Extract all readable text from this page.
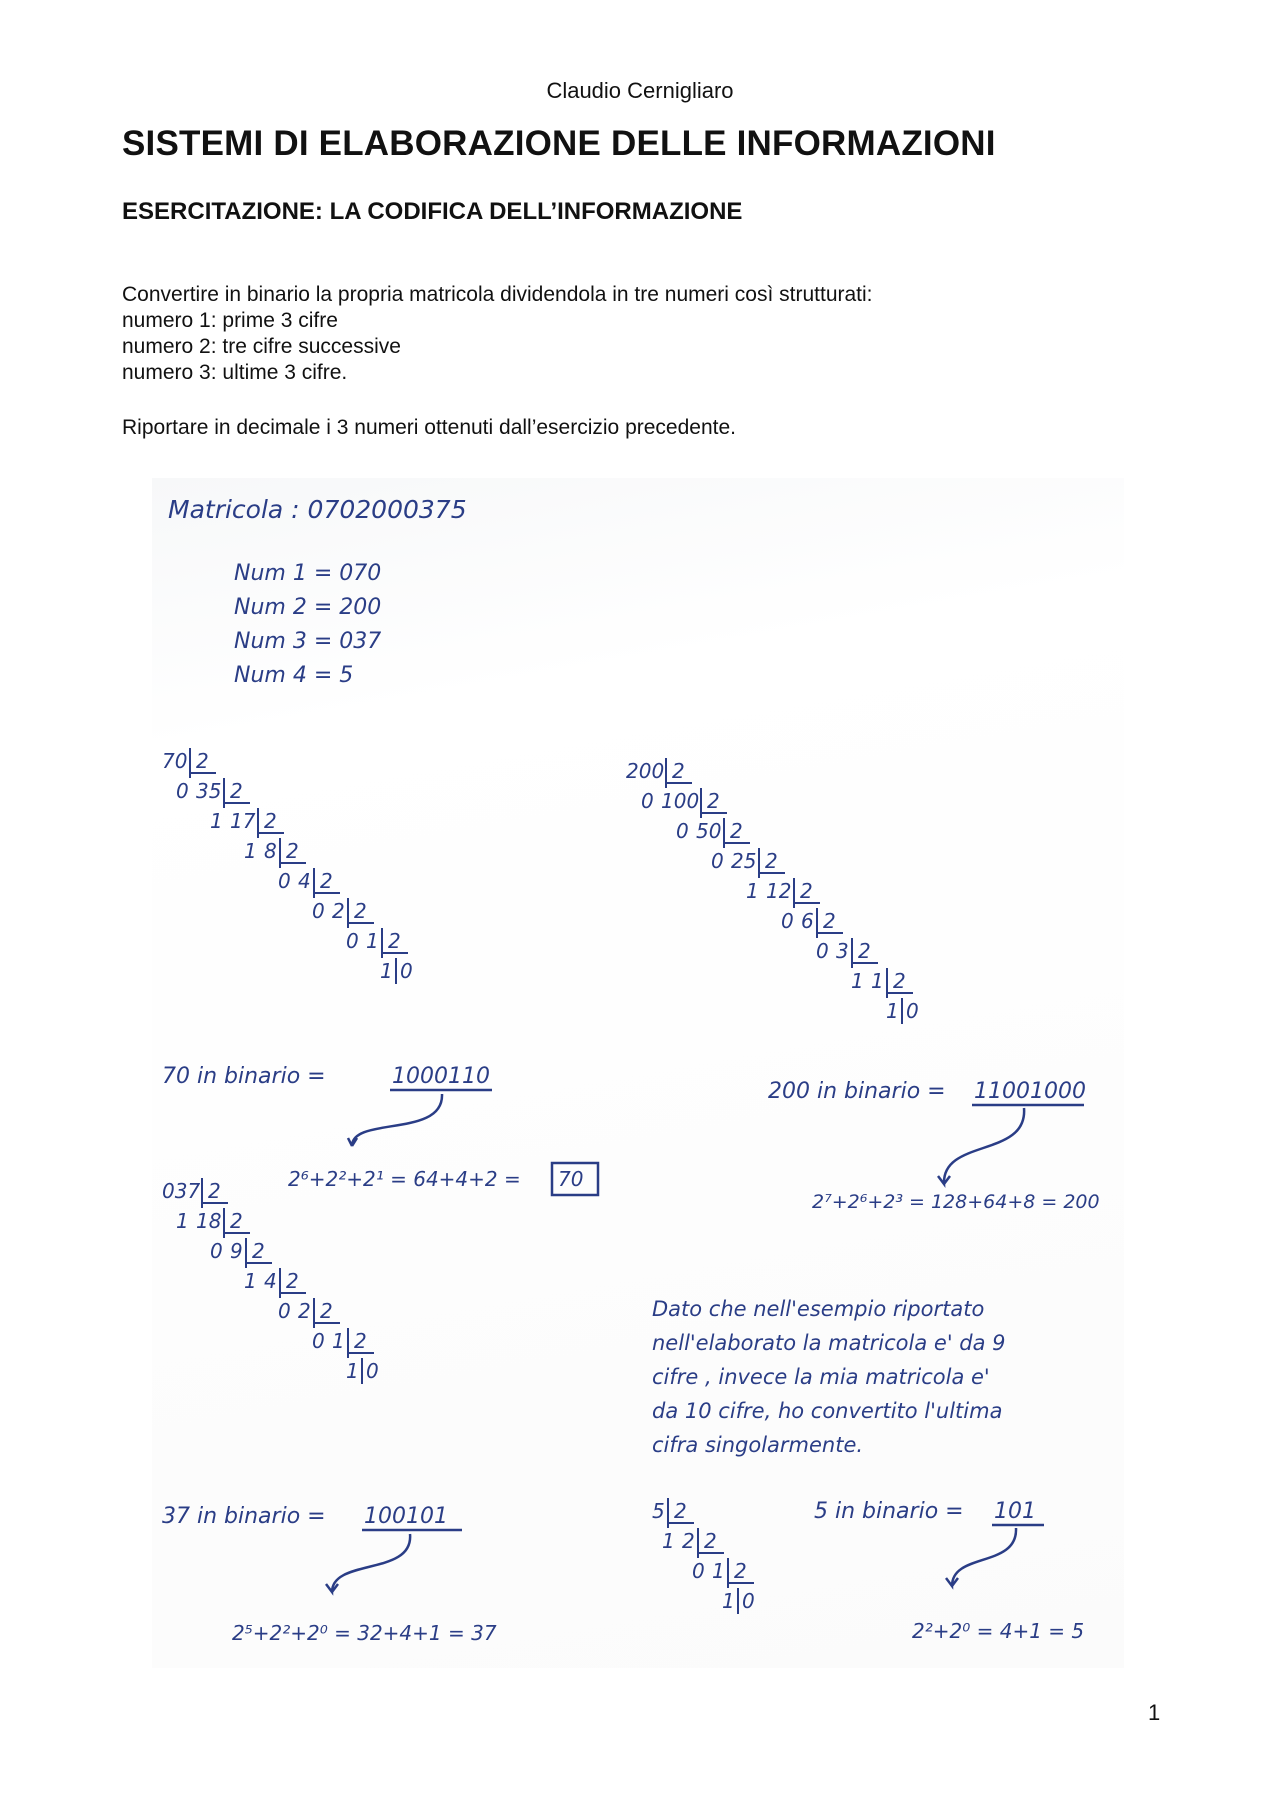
Claudio Cernigliaro
SISTEMI DI ELABORAZIONE DELLE INFORMAZIONI
ESERCITAZIONE: LA CODIFICA DELL’INFORMAZIONE
Convertire in binario la propria matricola dividendola in tre numeri così strutturati:
numero 1: prime 3 cifre
numero 2: tre cifre successive
numero 3: ultime 3 cifre.
Riportare in decimale i 3 numeri ottenuti dall’esercizio precedente.
Matricola : 0702000375
Num 1 = 070
Num 2 = 200
Num 3 = 037
Num 4 = 5
70 2
0 35 2
1 17 2
1 8 2
0 4 2
0 2 2
0 1 2
1 0
200 2
0 100 2
0 50 2
0 25 2
1 12 2
0 6 2
0 3 2
1 1 2
1 0
037 2
1 18 2
0 9 2
1 4 2
0 2 2
0 1 2
1 0
5 2
1 2 2
0 1 2
1 0
70 in binario =	1000110
2⁶+2²+2¹ = 64+4+2 = 70
200 in binario = 11001000
2⁷+2⁶+2³ = 128+64+8 = 200
37 in binario = 100101
2⁵+2²+2⁰ = 32+4+1 = 37
5 in binario = 101
2²+2⁰ = 4+1 = 5
Dato che nell'esempio riportato
nell'elaborato la matricola e' da 9
cifre , invece la mia matricola e'
da 10 cifre, ho convertito l'ultima
cifra singolarmente.
1
